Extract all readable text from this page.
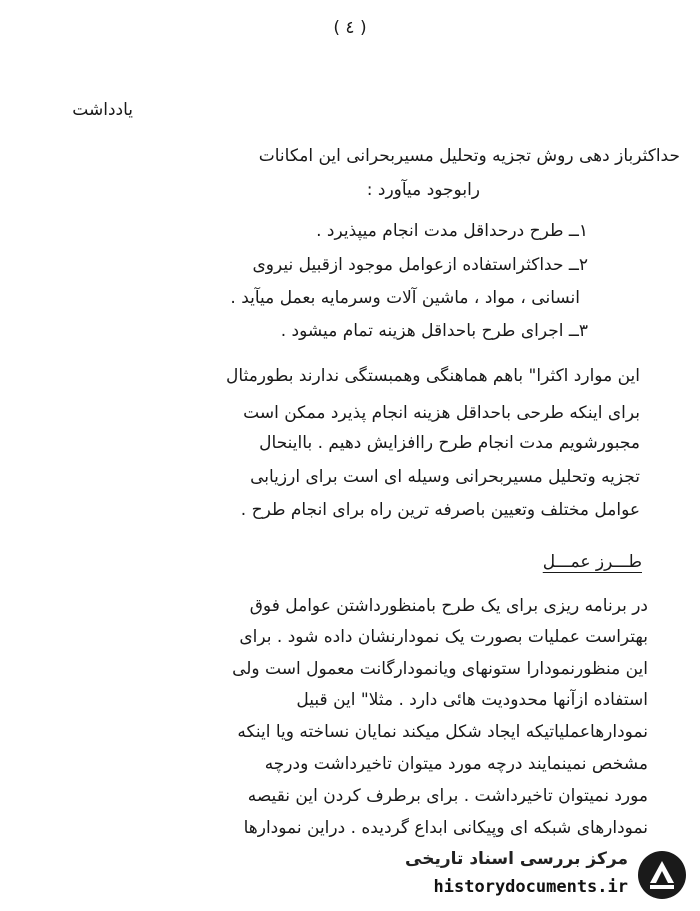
( ٤ )
یادداشت
حداکثرباز دهی روش تجزیه وتحلیل مسیربحرانی این امکانات
رابوجود میآورد :
۱ــ طرح درحداقل مدت انجام میپذیرد .
۲ــ حداکثراستفاده ازعوامل موجود ازقبیل نیروی
انسانی ، مواد ، ماشین آلات وسرمایه بعمل میآید .
۳ــ اجرای طرح باحداقل هزینه تمام میشود .
این موارد اکثرا" باهم هماهنگی وهمبستگی ندارند بطورمثال
برای اینکه طرحی باحداقل هزینه انجام پذیرد ممکن است
مجبورشویم مدت انجام طرح راافزایش دهیم . بااینحال
تجزیه وتحلیل مسیربحرانی وسیله ای است برای ارزیابی
عوامل مختلف وتعیین باصرفه ترین راه برای انجام طرح .
طـــرز عمـــل
در برنامه ریزی برای یک طرح بامنظورداشتن عوامل فوق
بهتراست عملیات بصورت یک نمودارنشان داده شود . برای
این منظورنمودارا ستونهای ویانمودارگانت معمول است ولی
استفاده ازآنها محدودیت هائی دارد . مثلا" این قبیل
نمودارهاعملیاتیکه ایجاد شکل میکند نمایان نساخته ویا اینکه
مشخص نمینمایند درچه مورد میتوان تاخیرداشت ودرچه
مورد نمیتوان تاخیرداشت . برای برطرف کردن این نقیصه
نمودارهای شبکه ای وپیکانی ابداع گردیده . دراین نمودارها
مرکز بررسی اسناد تاریخی
historydocuments.ir
